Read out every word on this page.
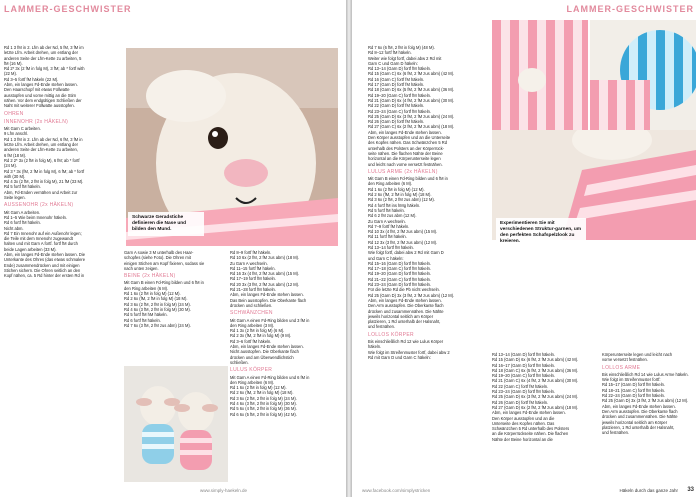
LAMMER-GESCHWISTER

Rd 1 3 fM in 2. Lfm ab der Nd, 5 fM, 3 fM im

letzte Lfm. Arbeit drehen, um entlang der

anderen Seite der Lfm-Kette zu arbeiten, 5

fM (16 M).

Rd 2* 3x (2 fM in folg M), 3 fM; ab * fortf with

(22 M).

Rd 3–5 fortf fM häkeln (22 M).

Abm, ein langes Fd-Ende stehen lassen.

Den Haarschopf mit etwas Füllwatte

ausstopfen und vorne mittig an die Stirn

nähen. Vor dem endgültigen Schließen der

Naht mit weiterer Füllwatte ausstopfen.

OHREN
INNENOHR (2x HÄKELN)

Mit Garn C arbeiten.

9 Lfm anschl.

Rd 1 3 fM in 2. Lfm ab der Nd, 6 fM, 3 fM in

letzte Lfm. Arbeit drehen, um entlang der

anderen Seite der Lfm-Kette zu arbeiten,

6 fM (18 M).

Rd 2 2* 3x (2 fM in folg M), 6 fM; ab * fortf

(24 M).

Rd 3 * 3x (fM, 2 fM in folg M), 6 fM; ab * fortf

with (30 M).

Rd 4 3x (2 fM, 2 fM in folg M), 21 fM (33 M).

Rd 5 fortf fM häkeln.

Abm, Fd-Enden vernähen und Arbeit zur

Seite legen.

AUSSENOHR (2x HÄKELN)

Mit Garn A arbeiten.

Rd 1–5 Wie beim Innenohr häkeln.

Rd 6 fortf fM häkeln.

Nicht abm.

Rd 7 Ein Innenohr auf ein Außenohr legen;

die Teile mit dem Innenohr zugewandt

halten und mit Garn A fortf. fortf fM durch

beide Lagen arbeiten (33 M).

Abm, ein langes Fd-Ende stehen lassen. Die

Unterkante des Ohres (das etwas schmalere

Ende) zusammendrücken und mit einigen

Stichen sichern. Die Ohren seitlich an den

Kopf nähen, ca. 5 Rd hinter der ersten Rd in

Schwarze Geradstiche definieren die Nase und bilden den Mund.

Garn A sowie 3 M unterhalb des Haar-

schopfes (siehe Foto). Die Ohren mit

einigen Stichen am Kopf fixieren, sodass sie

nach unten zeigen.

BEINE (2x HÄKELN)

Mit Garn B einen Fd-Ring bilden und 6 fM in

den Ring arbeiten (6 M).

Rd 1 6x (2 fM in folg M) (12 M).

Rd 2 6x (fM, 2 fM in folg M) (18 M).

Rd 3 6x (2 fM, 2 fM in folg M) (24 M).

Rd 4 6x (3 fM, 2 fM in folg M) (30 M).

Rd 5 fortf fM hM häkeln.

Rd 6 fortf fM häkeln.

Rd 7 6x (3 fM, 2 fM zus abm) (24 M).

Rd 8–9 fortf fM häkeln.

Rd 10 6x (2 fM, 2 fM zus abm) (18 M).

Zu Garn A wechseln.

Rd 11–15 fortf fM häkeln.

Rd 16 3x (4 fM, 2 fM zus abm) (15 M).

Rd 17–19 fortf fM häkeln.

Rd 20 3x (3 fM, 2 fM zus abm) (12 M).

Rd 21–28 fortf fM häkeln.

Abm, ein langes Fd-Ende stehen lassen.

Das Bein ausstopfen. Die Oberkante flach

drücken und schließen.

SCHWÄNZCHEN

Mit Garn A einen Fd-Ring bilden und 3 fM in

den Ring arbeiten (3 M).

Rd 1 3x (2 fM in folg M) (6 M).

Rd 2 3x (fM, 2 fM in folg M) (9 M).

Rd 3–6 fortf fM häkeln.

Abm, ein langes Fd-Ende stehen lassen.

Nicht ausstopfen. Die Oberkante flach

drücken und am Überwendlichstich

schließen.

LULUS KÖRPER

Mit Garn A einen Fd-Ring bilden und 6 fM in

den Ring arbeiten (6 M).

Rd 1 6x (2 fM in folg M) (12 M).

Rd 2 6x (fM, 2 fM in folg M) (18 M).

Rd 3 6x (2 fM, 2 fM in folg M) (24 M).

Rd 4 6x (3 fM, 2 fM in folg M) (30 M).

Rd 5 6x (4 fM, 2 fM in folg M) (36 M).

Rd 6 6x (5 fM, 2 fM in folg M) (42 M).

www.simply-haekeln.de
LAMMER-GESCHWISTER

Rd 7 6x (6 fM, 2 fM in folg M) (48 M).

Rd 8–12 fortf fM häkeln.

Weiter wie folgt fortf, dabei abw 2 Rd mit

Garn C und Garn D häkeln:

Rd 13–14 (Garn D) fortf fM häkeln.

Rd 15 (Garn C) 6x (6 fM, 2 fM zus abm) (42 M).

Rd 16 (Garn C) fortf fM häkeln.

Rd 17 (Garn D) fortf fM häkeln.

Rd 18 (Garn D) 6x (5 fM, 2 fM zus abm) (36 M).

Rd 19–20 (Garn C) fortf fM häkeln.

Rd 21 (Garn D) 6x (4 fM, 2 fM zus abm) (30 M).

Rd 22 (Garn D) fortf fM häkeln.

Rd 23–24 (Garn C) fortf fM häkeln.

Rd 25 (Garn D) 6x (3 fM, 2 fM zus abm) (24 M).

Rd 26 (Garn D) fortf fM häkeln.

Rd 27 (Garn C) 6x (2 fM, 2 fM zus abm) (18 M).

Abm, ein langes Fd-Ende stehen lassen.

Den Körper ausstopfen und an die Unterseite

des Kopfes nähen. Das Schwänzchen 5 Rd

unterhalb des Polsters an der Körperrück-

seite nähen. Die flachen Nähte der Beine

horizontal an die Körperunterseite legen

und leicht nach vorne versetzt festnähen.

LULUS ARME (2x HÄKELN)

Mit Garn B einen Fd-Ring bilden und 6 fM in

den Ring arbeiten (6 M).

Rd 1 6x (2 fM in folg M) (12 M).

Rd 2 6x (fM, 2 fM in folg M) (18 M).

Rd 3 6x (2 fM, 2 fM zus abm) (12 M).

Rd 4 fortf fM ins hMg häkeln.

Rd 5 fortf fM häkeln.

Rd 6 2 fM zus abm (12 M).

Zu Garn A wechseln.

Rd 7–9 fortf fM häkeln.

Rd 10 3x (4 fM, 2 fM zus abm) (15 M).

Rd 11 fortf fM häkeln.

Rd 12 3x (3 fM, 2 fM zus abm) (12 M).

Rd 13–14 fortf fM häkeln.

Wie folgt fortf, dabei abw 2 Rd mit Garn D

und Garn C häkeln:

Rd 15–16 (Garn D) fortf fM häkeln.

Rd 17–18 (Garn C) fortf fM häkeln.

Rd 19–20 (Garn D) fortf fM häkeln.

Rd 21–22 (Garn C) fortf fM häkeln.

Rd 23–24 (Garn D) fortf fM häkeln.

Für die letzte Rd die Pb nicht wechseln.

Rd 25 (Garn D) 3x (3 fM, 2 fM zus abm) (12 M).

Abm, ein langes Fd-Ende stehen lassen.

Den Arm ausstopfen. Die Oberkante flach

drücken und zusammennähen. Die Nähte

jeweils horizontal seitlich am Körper

platzieren, 1 Rd unterhalb der Halsnaht,

und festnähen.

LOLLOS KÖRPER

Bis einschließlich Rd 12 wie Lulus Körper

häkeln.

Wie folgt im Streifenmuster fortf, dabei abw 2

Rd mit Garn D und Garn C häkeln:

Experimentieren Sie mit verschiedenen Struktur-garnen, um den perfekten Schafspelzlook zu kreieren.

Rd 13–14 (Garn D) fortf fM häkeln.

Rd 15 (Garn D) 6x (6 fM, 2 fM zus abm) (42 M).

Rd 16–17 (Garn D) fortf fM häkeln.

Rd 18 (Garn C) 6x (5 fM, 2 fM zus abm) (36 M).

Rd 19–20 (Garn C) fortf fM häkeln.

Rd 21 (Garn C) 6x (4 fM, 2 fM zus abm) (30 M).

Rd 22 (Garn C) fortf fM häkeln.

Rd 23–24 (Garn D) fortf fM häkeln.

Rd 25 (Garn D) 6x (3 fM, 2 fM zus abm) (24 M).

Rd 26 (Garn D) fortf fM häkeln.

Rd 27 (Garn D) 6x (2 fM, 2 fM zus abm) (18 M).

Abm, ein langes Fd-Ende stehen lassen.

Den Körper ausstopfen und an die

Unterseite des Kopfes nähen. Das

Schwänzchen 5 Rd unterhalb des Polsters

an die Körperrückseite nähen. Die flachen

Nähte der Beine horizontal an die

Körperunterseite legen und leicht nach

vorne versetzt festnähen.

LOLLOS ARME

Bis einschließlich Rd 14 wie Lulus Arme häkeln.

Wie folgt im Streifenmuster fortf:

Rd 15–17 (Garn D) fortf fM häkeln.

Rd 18–21 (Garn C) fortf fM häkeln.

Rd 22–24 (Garn D) fortf fM häkeln.

Rd 25 (Garn D) 3x (3 fM, 2 fM zus abm) (12 M).

Abm, ein langes Fd-Ende stehen lassen.

Den Arm ausstopfen. Die Oberkante flach

drücken und zusammennähen. Die Nähte

jeweils horizontal seitlich am Körper

platzieren, 1 Rd unterhalb der Halsnaht,

und festnähen.

www.facebook.com/simplystricken	Häkeln durch das ganze Jahr 33
